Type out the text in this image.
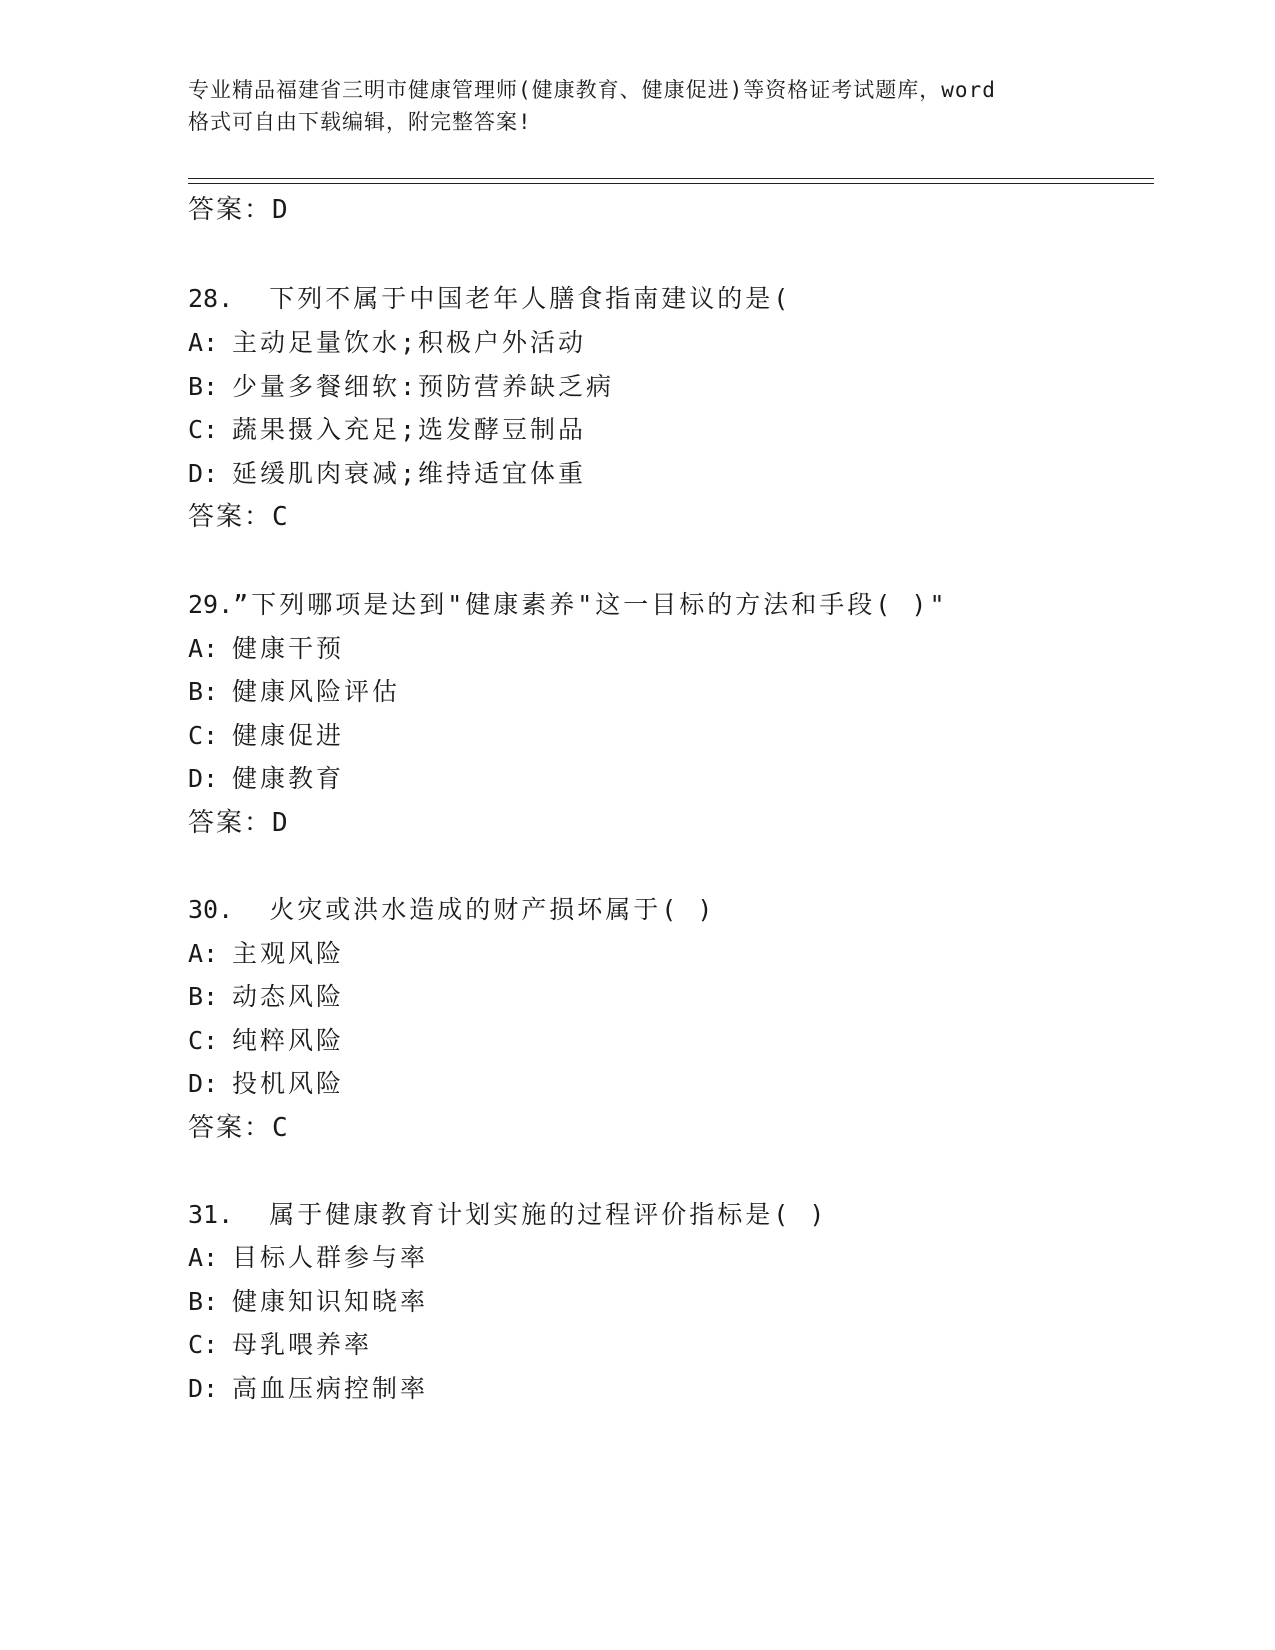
专业精品福建省三明市健康管理师(健康教育、健康促进)等资格证考试题库，word
格式可自由下载编辑，附完整答案!
答案：D
28. 下列不属于中国老年人膳食指南建议的是(
A: 主动足量饮水;积极户外活动
B: 少量多餐细软:预防营养缺乏病
C: 蔬果摄入充足;选发酵豆制品
D: 延缓肌肉衰减;维持适宜体重
答案：C
29.”下列哪项是达到"健康素养"这一目标的方法和手段( )"
A: 健康干预
B: 健康风险评估
C: 健康促进
D: 健康教育
答案：D
30. 火灾或洪水造成的财产损坏属于( )
A: 主观风险
B: 动态风险
C: 纯粹风险
D: 投机风险
答案：C
31. 属于健康教育计划实施的过程评价指标是( )
A: 目标人群参与率
B: 健康知识知晓率
C: 母乳喂养率
D: 高血压病控制率
